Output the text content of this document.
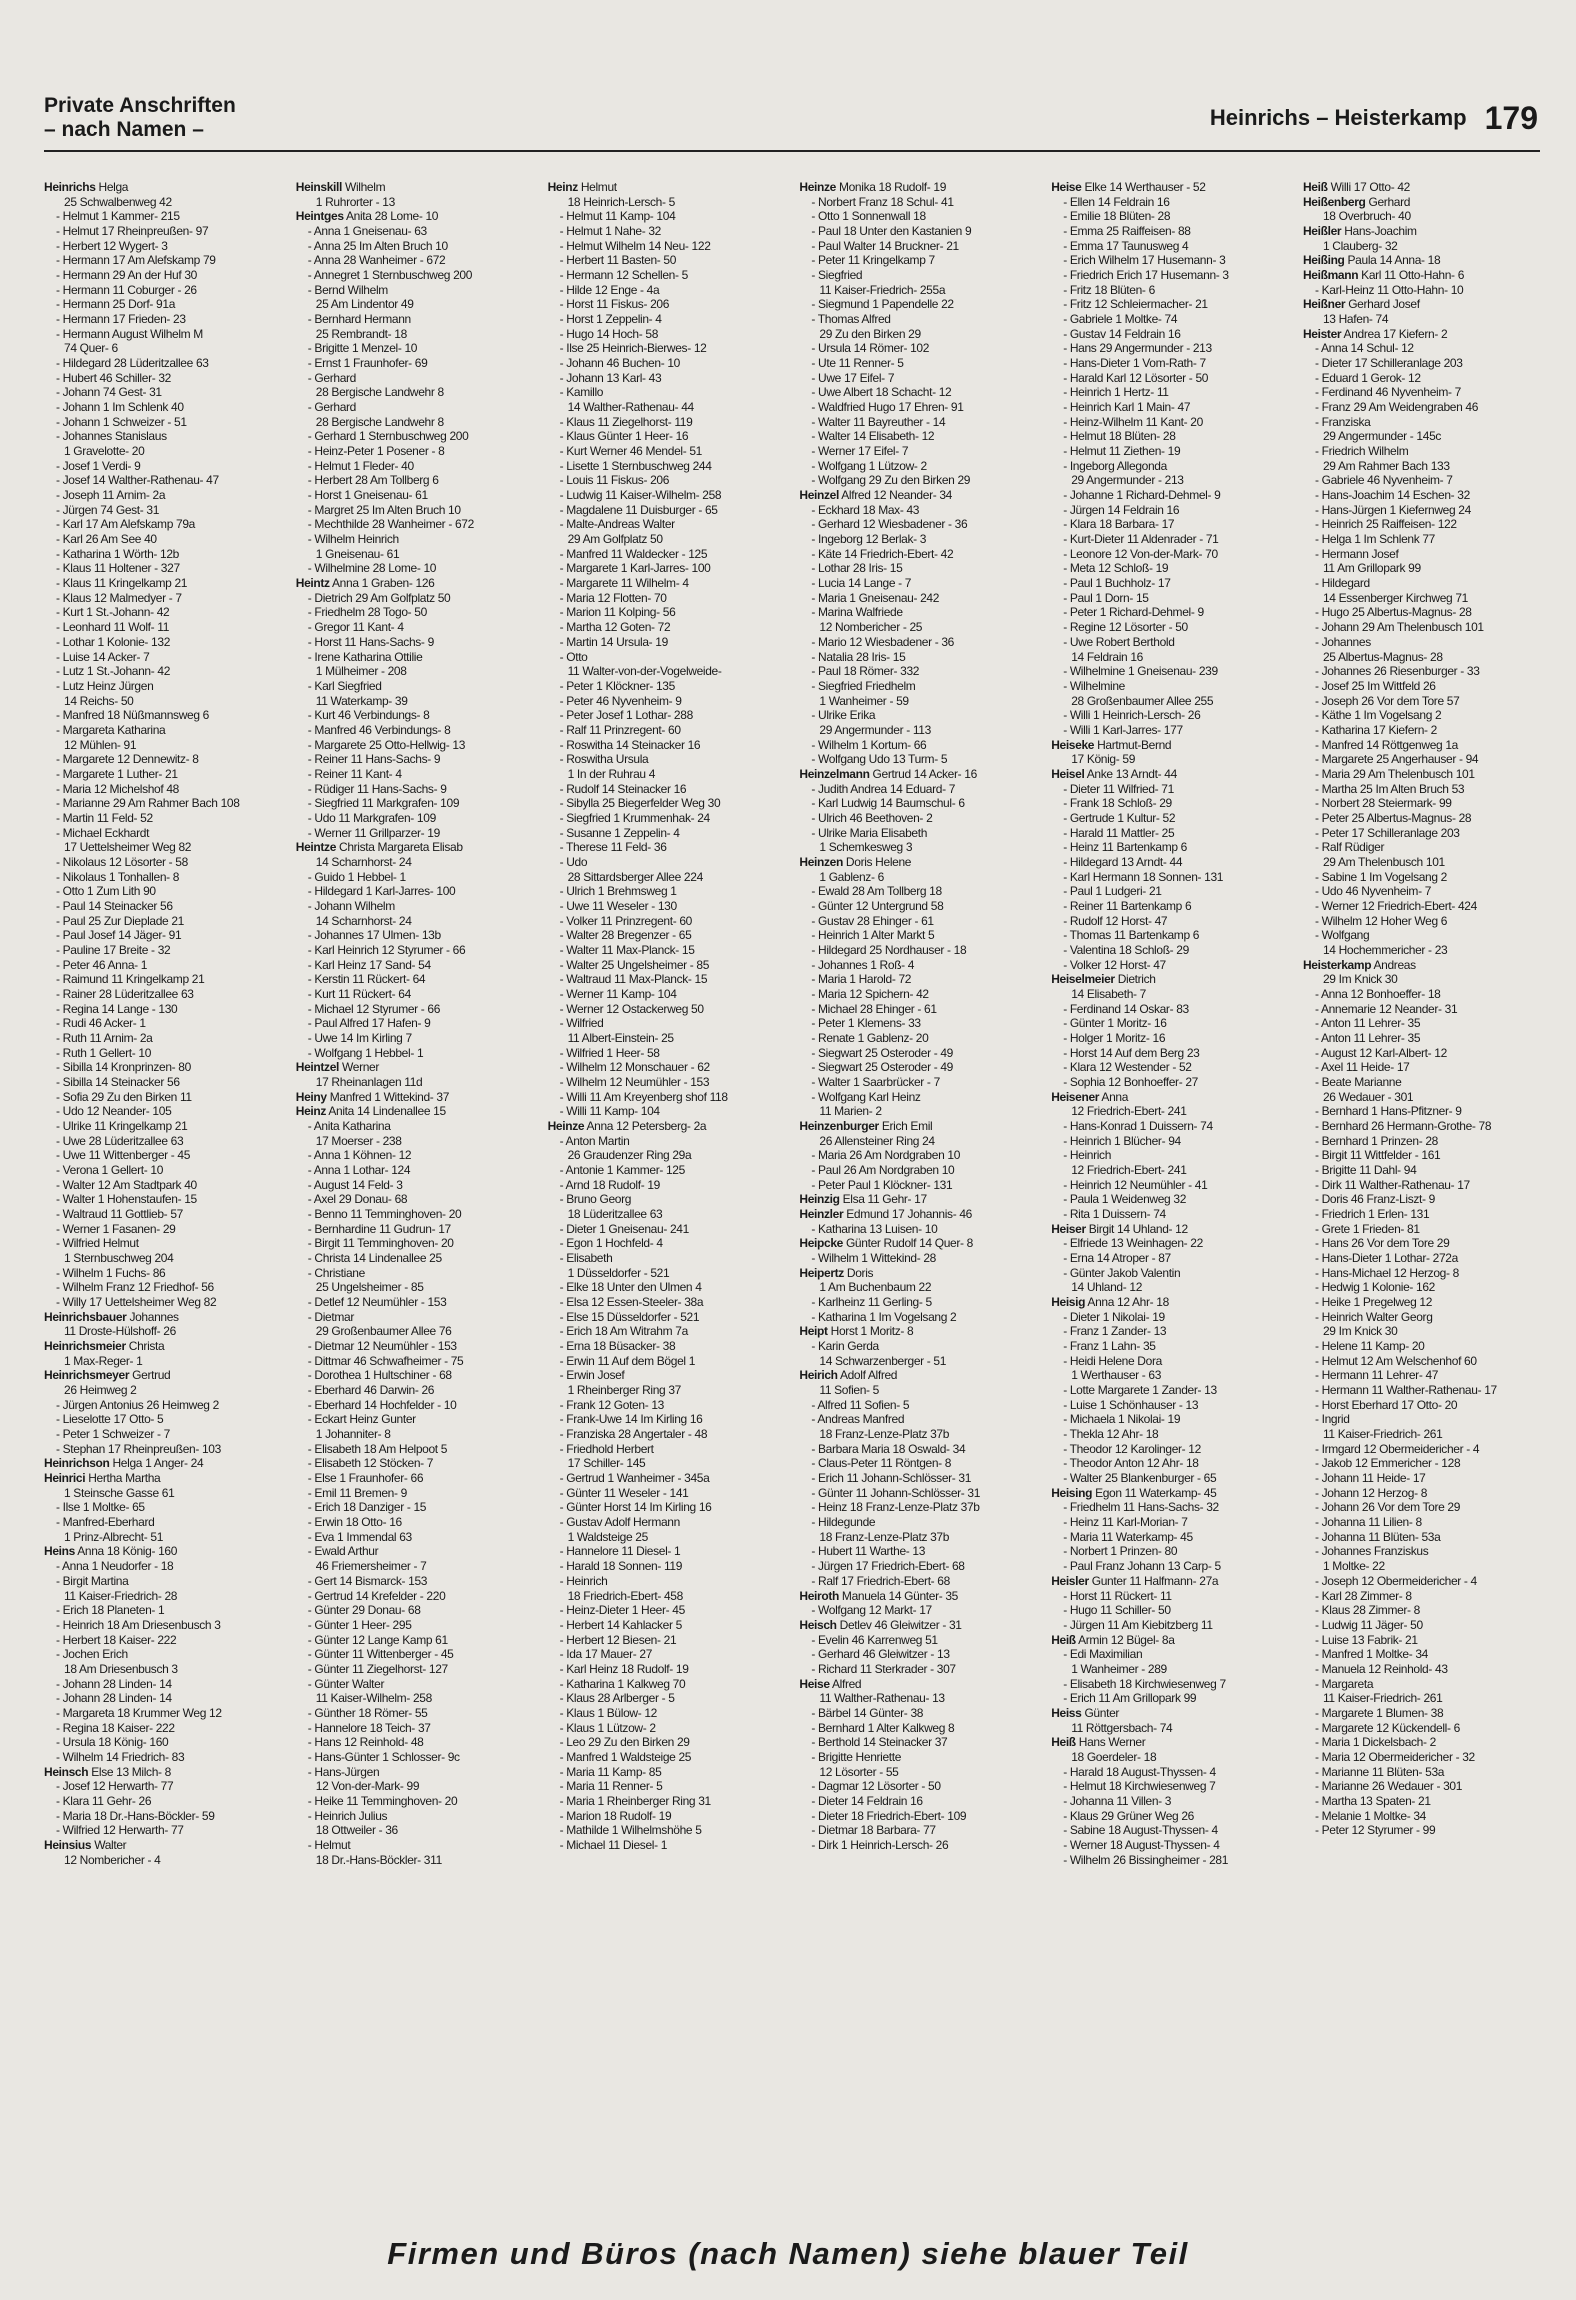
Private Anschriften
– nach Namen –	Heinrichs – Heisterkamp 179
Heinrichs Helga
25 Schwalbenweg 42
- Helmut 1 Kammer- 215
- Helmut 17 Rheinpreußen- 97
- Herbert 12 Wygert- 3
- Hermann 17 Am Alefskamp 79
- Hermann 29 An der Huf 30
- Hermann 11 Coburger - 26
- Hermann 25 Dorf- 91a
- Hermann 17 Frieden- 23
- Hermann August Wilhelm M
74 Quer- 6
- Hildegard 28 Lüderitzallee 63
- Hubert 46 Schiller- 32
- Johann 74 Gest- 31
- Johann 1 Im Schlenk 40
- Johann 1 Schweizer - 51
- Johannes Stanislaus
1 Gravelotte- 20
- Josef 1 Verdi- 9
- Josef 14 Walther-Rathenau- 47
- Joseph 11 Arnim- 2a
- Jürgen 74 Gest- 31
- Karl 17 Am Alefskamp 79a
- Karl 26 Am See 40
- Katharina 1 Wörth- 12b
- Klaus 11 Holtener - 327
- Klaus 11 Kringelkamp 21
- Klaus 12 Malmedyer - 7
- Kurt 1 St.-Johann- 42
- Leonhard 11 Wolf- 11
- Lothar 1 Kolonie- 132
- Luise 14 Acker- 7
- Lutz 1 St.-Johann- 42
- Lutz Heinz Jürgen
14 Reichs- 50
- Manfred 18 Nüßmannsweg 6
- Margareta Katharina
12 Mühlen- 91
- Margarete 12 Dennewitz- 8
- Margarete 1 Luther- 21
- Maria 12 Michelshof 48
- Marianne 29 Am Rahmer Bach 108
- Martin 11 Feld- 52
- Michael Eckhardt
17 Uettelsheimer Weg 82
- Nikolaus 12 Lösorter - 58
- Nikolaus 1 Tonhallen- 8
- Otto 1 Zum Lith 90
- Paul 14 Steinacker 56
- Paul 25 Zur Dieplade 21
- Paul Josef 14 Jäger- 91
- Pauline 17 Breite - 32
- Peter 46 Anna- 1
- Raimund 11 Kringelkamp 21
- Rainer 28 Lüderitzallee 63
- Regina 14 Lange - 130
- Rudi 46 Acker- 1
- Ruth 11 Arnim- 2a
- Ruth 1 Gellert- 10
- Sibilla 14 Kronprinzen- 80
- Sibilla 14 Steinacker 56
- Sofia 29 Zu den Birken 11
- Udo 12 Neander- 105
- Ulrike 11 Kringelkamp 21
- Uwe 28 Lüderitzallee 63
- Uwe 11 Wittenberger - 45
- Verona 1 Gellert- 10
- Walter 12 Am Stadtpark 40
- Walter 1 Hohenstaufen- 15
- Waltraud 11 Gottlieb- 57
- Werner 1 Fasanen- 29
- Wilfried Helmut
1 Sternbuschweg 204
- Wilhelm 1 Fuchs- 86
- Wilhelm Franz 12 Friedhof- 56
- Willy 17 Uettelsheimer Weg 82
Heinrichsbauer Johannes
11 Droste-Hülshoff- 26
Heinrichsmeier Christa
1 Max-Reger- 1
Heinrichsmeyer Gertrud
26 Heimweg 2
- Jürgen Antonius 26 Heimweg 2
- Lieselotte 17 Otto- 5
- Peter 1 Schweizer - 7
- Stephan 17 Rheinpreußen- 103
Heinrichson Helga 1 Anger- 24
Heinrici Hertha Martha
1 Steinsche Gasse 61
- Ilse 1 Moltke- 65
- Manfred-Eberhard
1 Prinz-Albrecht- 51
Heins Anna 18 König- 160
- Anna 1 Neudorfer - 18
- Birgit Martina
11 Kaiser-Friedrich- 28
- Erich 18 Planeten- 1
- Heinrich 18 Am Driesenbusch 3
- Herbert 18 Kaiser- 222
- Jochen Erich
18 Am Driesenbusch 3
- Johann 28 Linden- 14
- Johann 28 Linden- 14
- Margareta 18 Krummer Weg 12
- Regina 18 Kaiser- 222
- Ursula 18 König- 160
- Wilhelm 14 Friedrich- 83
Heinsch Else 13 Milch- 8
- Josef 12 Herwarth- 77
- Klara 11 Gehr- 26
- Maria 18 Dr.-Hans-Böckler- 59
- Wilfried 12 Herwarth- 77
Heinsius Walter
12 Nombericher - 4
Heinskill Wilhelm
1 Ruhrorter - 13
Heintges Anita 28 Lome- 10
- Anna 1 Gneisenau- 63
- Anna 25 Im Alten Bruch 10
- Anna 28 Wanheimer - 672
- Annegret 1 Sternbuschweg 200
- Bernd Wilhelm
25 Am Lindentor 49
- Bernhard Hermann
25 Rembrandt- 18
- Brigitte 1 Menzel- 10
- Ernst 1 Fraunhofer- 69
- Gerhard
28 Bergische Landwehr 8
- Gerhard
28 Bergische Landwehr 8
- Gerhard 1 Sternbuschweg 200
- Heinz-Peter 1 Posener - 8
- Helmut 1 Fleder- 40
- Herbert 28 Am Tollberg 6
- Horst 1 Gneisenau- 61
- Margret 25 Im Alten Bruch 10
- Mechthilde 28 Wanheimer - 672
- Wilhelm Heinrich
1 Gneisenau- 61
- Wilhelmine 28 Lome- 10
Heintz Anna 1 Graben- 126
- Dietrich 29 Am Golfplatz 50
- Friedhelm 28 Togo- 50
- Gregor 11 Kant- 4
- Horst 11 Hans-Sachs- 9
- Irene Katharina Ottilie
1 Mülheimer - 208
- Karl Siegfried
11 Waterkamp- 39
- Kurt 46 Verbindungs- 8
- Manfred 46 Verbindungs- 8
- Margarete 25 Otto-Hellwig- 13
- Reiner 11 Hans-Sachs- 9
- Reiner 11 Kant- 4
- Rüdiger 11 Hans-Sachs- 9
- Siegfried 11 Markgrafen- 109
- Udo 11 Markgrafen- 109
- Werner 11 Grillparzer- 19
Heintze Christa Margareta Elisab
14 Scharnhorst- 24
- Guido 1 Hebbel- 1
- Hildegard 1 Karl-Jarres- 100
- Johann Wilhelm
14 Scharnhorst- 24
- Johannes 17 Ulmen- 13b
- Karl Heinrich 12 Styrumer - 66
- Karl Heinz 17 Sand- 54
- Kerstin 11 Rückert- 64
- Kurt 11 Rückert- 64
- Michael 12 Styrumer - 66
- Paul Alfred 17 Hafen- 9
- Uwe 14 Im Kirling 7
- Wolfgang 1 Hebbel- 1
Heintzel Werner
17 Rheinanlagen 11d
Heiny Manfred 1 Wittekind- 37
Heinz Anita 14 Lindenallee 15
- Anita Katharina
17 Moerser - 238
- Anna 1 Köhnen- 12
- Anna 1 Lothar- 124
- August 14 Feld- 3
- Axel 29 Donau- 68
- Benno 11 Temminghoven- 20
- Bernhardine 11 Gudrun- 17
- Birgit 11 Temminghoven- 20
- Christa 14 Lindenallee 25
- Christiane
25 Ungelsheimer - 85
- Detlef 12 Neumühler - 153
- Dietmar
29 Großenbaumer Allee 76
- Dietmar 12 Neumühler - 153
- Dittmar 46 Schwafheimer - 75
- Dorothea 1 Hultschiner - 68
- Eberhard 46 Darwin- 26
- Eberhard 14 Hochfelder - 10
- Eckart Heinz Gunter
1 Johanniter- 8
- Elisabeth 18 Am Helpoot 5
- Elisabeth 12 Stöcken- 7
- Else 1 Fraunhofer- 66
- Emil 11 Bremen- 9
- Erich 18 Danziger - 15
- Erwin 18 Otto- 16
- Eva 1 Immendal 63
- Ewald Arthur
46 Friemersheimer - 7
- Gert 14 Bismarck- 153
- Gertrud 14 Krefelder - 220
- Günter 29 Donau- 68
- Günter 1 Heer- 295
- Günter 12 Lange Kamp 61
- Günter 11 Wittenberger - 45
- Günter 11 Ziegelhorst- 127
- Günter Walter
11 Kaiser-Wilhelm- 258
- Günther 18 Römer- 55
- Hannelore 18 Teich- 37
- Hans 12 Reinhold- 48
- Hans-Günter 1 Schlosser- 9c
- Hans-Jürgen
12 Von-der-Mark- 99
- Heike 11 Temminghoven- 20
- Heinrich Julius
18 Ottweiler - 36
- Helmut
18 Dr.-Hans-Böckler- 311
Heinz Helmut
18 Heinrich-Lersch- 5
- Helmut 11 Kamp- 104
- Helmut 1 Nahe- 32
- Helmut Wilhelm 14 Neu- 122
- Herbert 11 Basten- 50
- Hermann 12 Schellen- 5
- Hilde 12 Enge - 4a
- Horst 11 Fiskus- 206
- Horst 1 Zeppelin- 4
- Hugo 14 Hoch- 58
- Ilse 25 Heinrich-Bierwes- 12
- Johann 46 Buchen- 10
- Johann 13 Karl- 43
- Kamillo
14 Walther-Rathenau- 44
- Klaus 11 Ziegelhorst- 119
- Klaus Günter 1 Heer- 16
- Kurt Werner 46 Mendel- 51
- Lisette 1 Sternbuschweg 244
- Louis 11 Fiskus- 206
- Ludwig 11 Kaiser-Wilhelm- 258
- Magdalene 11 Duisburger - 65
- Malte-Andreas Walter
29 Am Golfplatz 50
- Manfred 11 Waldecker - 125
- Margarete 1 Karl-Jarres- 100
- Margarete 11 Wilhelm- 4
- Maria 12 Flotten- 70
- Marion 11 Kolping- 56
- Martha 12 Goten- 72
- Martin 14 Ursula- 19
- Otto
11 Walter-von-der-Vogelweide-
- Peter 1 Klöckner- 135
- Peter 46 Nyvenheim- 9
- Peter Josef 1 Lothar- 288
- Ralf 11 Prinzregent- 60
- Roswitha 14 Steinacker 16
- Roswitha Ursula
1 In der Ruhrau 4
- Rudolf 14 Steinacker 16
- Sibylla 25 Biegerfelder Weg 30
- Siegfried 1 Krummenhak- 24
- Susanne 1 Zeppelin- 4
- Therese 11 Feld- 36
- Udo
28 Sittardsberger Allee 224
- Ulrich 1 Brehmsweg 1
- Uwe 11 Weseler - 130
- Volker 11 Prinzregent- 60
- Walter 28 Bregenzer - 65
- Walter 11 Max-Planck- 15
- Walter 25 Ungelsheimer - 85
- Waltraud 11 Max-Planck- 15
- Werner 11 Kamp- 104
- Werner 12 Ostackerweg 50
- Wilfried
11 Albert-Einstein- 25
- Wilfried 1 Heer- 58
- Wilhelm 12 Monschauer - 62
- Wilhelm 12 Neumühler - 153
- Willi 11 Am Kreyenberg shof 118
- Willi 11 Kamp- 104
Heinze Anna 12 Petersberg- 2a
- Anton Martin
26 Graudenzer Ring 29a
- Antonie 1 Kammer- 125
- Arnd 18 Rudolf- 19
- Bruno Georg
18 Lüderitzallee 63
- Dieter 1 Gneisenau- 241
- Egon 1 Hochfeld- 4
- Elisabeth
1 Düsseldorfer - 521
- Elke 18 Unter den Ulmen 4
- Elsa 12 Essen-Steeler- 38a
- Else 15 Düsseldorfer - 521
- Erich 18 Am Witrahm 7a
- Erna 18 Büsacker- 38
- Erwin 11 Auf dem Bögel 1
- Erwin Josef
1 Rheinberger Ring 37
- Frank 12 Goten- 13
- Frank-Uwe 14 Im Kirling 16
- Franziska 28 Angertaler - 48
- Friedhold Herbert
17 Schiller- 145
- Gertrud 1 Wanheimer - 345a
- Günter 11 Weseler - 141
- Günter Horst 14 Im Kirling 16
- Gustav Adolf Hermann
1 Waldsteige 25
- Hannelore 11 Diesel- 1
- Harald 18 Sonnen- 119
- Heinrich
18 Friedrich-Ebert- 458
- Heinz-Dieter 1 Heer- 45
- Herbert 14 Kahlacker 5
- Herbert 12 Biesen- 21
- Ida 17 Mauer- 27
- Karl Heinz 18 Rudolf- 19
- Katharina 1 Kalkweg 70
- Klaus 28 Arlberger - 5
- Klaus 1 Bülow- 12
- Klaus 1 Lützow- 2
- Leo 29 Zu den Birken 29
- Manfred 1 Waldsteige 25
- Maria 11 Kamp- 85
- Maria 11 Renner- 5
- Maria 1 Rheinberger Ring 31
- Marion 18 Rudolf- 19
- Mathilde 1 Wilhelmshöhe 5
- Michael 11 Diesel- 1
Heinze Monika 18 Rudolf- 19
- Norbert Franz 18 Schul- 41
- Otto 1 Sonnenwall 18
- Paul 18 Unter den Kastanien 9
- Paul Walter 14 Bruckner- 21
- Peter 11 Kringelkamp 7
- Siegfried
11 Kaiser-Friedrich- 255a
- Siegmund 1 Papendelle 22
- Thomas Alfred
29 Zu den Birken 29
- Ursula 14 Römer- 102
- Ute 11 Renner- 5
- Uwe 17 Eifel- 7
- Uwe Albert 18 Schacht- 12
- Waldfried Hugo 17 Ehren- 91
- Walter 11 Bayreuther - 14
- Walter 14 Elisabeth- 12
- Werner 17 Eifel- 7
- Wolfgang 1 Lützow- 2
- Wolfgang 29 Zu den Birken 29
Heinzel Alfred 12 Neander- 34
- Eckhard 18 Max- 43
- Gerhard 12 Wiesbadener - 36
- Ingeborg 12 Berlak- 3
- Käte 14 Friedrich-Ebert- 42
- Lothar 28 Iris- 15
- Lucia 14 Lange - 7
- Maria 1 Gneisenau- 242
- Marina Walfriede
12 Nombericher - 25
- Mario 12 Wiesbadener - 36
- Natalia 28 Iris- 15
- Paul 18 Römer- 332
- Siegfried Friedhelm
1 Wanheimer - 59
- Ulrike Erika
29 Angermunder - 113
- Wilhelm 1 Kortum- 66
- Wolfgang Udo 13 Turm- 5
Heinzelmann Gertrud 14 Acker- 16
- Judith Andrea 14 Eduard- 7
- Karl Ludwig 14 Baumschul- 6
- Ulrich 46 Beethoven- 2
- Ulrike Maria Elisabeth
1 Schemkesweg 3
Heinzen Doris Helene
1 Gablenz- 6
- Ewald 28 Am Tollberg 18
- Günter 12 Untergrund 58
- Gustav 28 Ehinger - 61
- Heinrich 1 Alter Markt 5
- Hildegard 25 Nordhauser - 18
- Johannes 1 Roß- 4
- Maria 1 Harold- 72
- Maria 12 Spichern- 42
- Michael 28 Ehinger - 61
- Peter 1 Klemens- 33
- Renate 1 Gablenz- 20
- Siegwart 25 Osteroder - 49
- Siegwart 25 Osteroder - 49
- Walter 1 Saarbrücker - 7
- Wolfgang Karl Heinz
11 Marien- 2
Heinzenburger Erich Emil
26 Allensteiner Ring 24
- Maria 26 Am Nordgraben 10
- Paul 26 Am Nordgraben 10
- Peter Paul 1 Klöckner- 131
Heinzig Elsa 11 Gehr- 17
Heinzler Edmund 17 Johannis- 46
- Katharina 13 Luisen- 10
Heipcke Günter Rudolf 14 Quer- 8
- Wilhelm 1 Wittekind- 28
Heipertz Doris
1 Am Buchenbaum 22
- Karlheinz 11 Gerling- 5
- Katharina 1 Im Vogelsang 2
Heipt Horst 1 Moritz- 8
- Karin Gerda
14 Schwarzenberger - 51
Heirich Adolf Alfred
11 Sofien- 5
- Alfred 11 Sofien- 5
- Andreas Manfred
18 Franz-Lenze-Platz 37b
- Barbara Maria 18 Oswald- 34
- Claus-Peter 11 Röntgen- 8
- Erich 11 Johann-Schlösser- 31
- Günter 11 Johann-Schlösser- 31
- Heinz 18 Franz-Lenze-Platz 37b
- Hildegunde
18 Franz-Lenze-Platz 37b
- Hubert 11 Warthe- 13
- Jürgen 17 Friedrich-Ebert- 68
- Ralf 17 Friedrich-Ebert- 68
Heiroth Manuela 14 Günter- 35
- Wolfgang 12 Markt- 17
Heisch Detlev 46 Gleiwitzer - 31
- Evelin 46 Karrenweg 51
- Gerhard 46 Gleiwitzer - 13
- Richard 11 Sterkrader - 307
Heise Alfred
11 Walther-Rathenau- 13
- Bärbel 14 Günter- 38
- Bernhard 1 Alter Kalkweg 8
- Berthold 14 Steinacker 37
- Brigitte Henriette
12 Lösorter - 55
- Dagmar 12 Lösorter - 50
- Dieter 14 Feldrain 16
- Dieter 18 Friedrich-Ebert- 109
- Dietmar 18 Barbara- 77
- Dirk 1 Heinrich-Lersch- 26
Heise Elke 14 Werthauser - 52
- Ellen 14 Feldrain 16
- Emilie 18 Blüten- 28
- Emma 25 Raiffeisen- 88
- Emma 17 Taunusweg 4
- Erich Wilhelm 17 Husemann- 3
- Friedrich Erich 17 Husemann- 3
- Fritz 18 Blüten- 6
- Fritz 12 Schleiermacher- 21
- Gabriele 1 Moltke- 74
- Gustav 14 Feldrain 16
- Hans 29 Angermunder - 213
- Hans-Dieter 1 Vom-Rath- 7
- Harald Karl 12 Lösorter - 50
- Heinrich 1 Hertz- 11
- Heinrich Karl 1 Main- 47
- Heinz-Wilhelm 11 Kant- 20
- Helmut 18 Blüten- 28
- Helmut 11 Ziethen- 19
- Ingeborg Allegonda
29 Angermunder - 213
- Johanne 1 Richard-Dehmel- 9
- Jürgen 14 Feldrain 16
- Klara 18 Barbara- 17
- Kurt-Dieter 11 Aldenrader - 71
- Leonore 12 Von-der-Mark- 70
- Meta 12 Schloß- 19
- Paul 1 Buchholz- 17
- Paul 1 Dorn- 15
- Peter 1 Richard-Dehmel- 9
- Regine 12 Lösorter - 50
- Uwe Robert Berthold
14 Feldrain 16
- Wilhelmine 1 Gneisenau- 239
- Wilhelmine
28 Großenbaumer Allee 255
- Willi 1 Heinrich-Lersch- 26
- Willi 1 Karl-Jarres- 177
Heiseke Hartmut-Bernd
17 König- 59
Heisel Anke 13 Arndt- 44
- Dieter 11 Wilfried- 71
- Frank 18 Schloß- 29
- Gertrude 1 Kultur- 52
- Harald 11 Mattler- 25
- Heinz 11 Bartenkamp 6
- Hildegard 13 Arndt- 44
- Karl Hermann 18 Sonnen- 131
- Paul 1 Ludgeri- 21
- Reiner 11 Bartenkamp 6
- Rudolf 12 Horst- 47
- Thomas 11 Bartenkamp 6
- Valentina 18 Schloß- 29
- Volker 12 Horst- 47
Heiselmeier Dietrich
14 Elisabeth- 7
- Ferdinand 14 Oskar- 83
- Günter 1 Moritz- 16
- Holger 1 Moritz- 16
- Horst 14 Auf dem Berg 23
- Klara 12 Westender - 52
- Sophia 12 Bonhoeffer- 27
Heisener Anna
12 Friedrich-Ebert- 241
- Hans-Konrad 1 Duissern- 74
- Heinrich 1 Blücher- 94
- Heinrich
12 Friedrich-Ebert- 241
- Heinrich 12 Neumühler - 41
- Paula 1 Weidenweg 32
- Rita 1 Duissern- 74
Heiser Birgit 14 Uhland- 12
- Elfriede 13 Weinhagen- 22
- Erna 14 Atroper - 87
- Günter Jakob Valentin
14 Uhland- 12
Heisig Anna 12 Ahr- 18
- Dieter 1 Nikolai- 19
- Franz 1 Zander- 13
- Franz 1 Lahn- 35
- Heidi Helene Dora
1 Werthauser - 63
- Lotte Margarete 1 Zander- 13
- Luise 1 Schönhauser - 13
- Michaela 1 Nikolai- 19
- Thekla 12 Ahr- 18
- Theodor 12 Karolinger- 12
- Theodor Anton 12 Ahr- 18
- Walter 25 Blankenburger - 65
Heising Egon 11 Waterkamp- 45
- Friedhelm 11 Hans-Sachs- 32
- Heinz 11 Karl-Morian- 7
- Maria 11 Waterkamp- 45
- Norbert 1 Prinzen- 80
- Paul Franz Johann 13 Carp- 5
Heisler Gunter 11 Halfmann- 27a
- Horst 11 Rückert- 11
- Hugo 11 Schiller- 50
- Jürgen 11 Am Kiebitzberg 11
Heiß Armin 12 Bügel- 8a
- Edi Maximilian
1 Wanheimer - 289
- Elisabeth 18 Kirchwiesenweg 7
- Erich 11 Am Grillopark 99
Heiss Günter
11 Röttgersbach- 74
Heiß Hans Werner
18 Goerdeler- 18
- Harald 18 August-Thyssen- 4
- Helmut 18 Kirchwiesenweg 7
- Johanna 11 Villen- 3
- Klaus 29 Grüner Weg 26
- Sabine 18 August-Thyssen- 4
- Werner 18 August-Thyssen- 4
- Wilhelm 26 Bissingheimer - 281
Heiß Willi 17 Otto- 42
Heißenberg Gerhard
18 Overbruch- 40
Heißler Hans-Joachim
1 Clauberg- 32
Heißing Paula 14 Anna- 18
Heißmann Karl 11 Otto-Hahn- 6
- Karl-Heinz 11 Otto-Hahn- 10
Heißner Gerhard Josef
13 Hafen- 74
Heister Andrea 17 Kiefern- 2
- Anna 14 Schul- 12
- Dieter 17 Schilleranlage 203
- Eduard 1 Gerok- 12
- Ferdinand 46 Nyvenheim- 7
- Franz 29 Am Weidengraben 46
- Franziska
29 Angermunder - 145c
- Friedrich Wilhelm
29 Am Rahmer Bach 133
- Gabriele 46 Nyvenheim- 7
- Hans-Joachim 14 Eschen- 32
- Hans-Jürgen 1 Kiefernweg 24
- Heinrich 25 Raiffeisen- 122
- Helga 1 Im Schlenk 77
- Hermann Josef
11 Am Grillopark 99
- Hildegard
14 Essenberger Kirchweg 71
- Hugo 25 Albertus-Magnus- 28
- Johann 29 Am Thelenbusch 101
- Johannes
25 Albertus-Magnus- 28
- Johannes 26 Riesenburger - 33
- Josef 25 Im Wittfeld 26
- Joseph 26 Vor dem Tore 57
- Käthe 1 Im Vogelsang 2
- Katharina 17 Kiefern- 2
- Manfred 14 Röttgenweg 1a
- Margarete 25 Angerhauser - 94
- Maria 29 Am Thelenbusch 101
- Martha 25 Im Alten Bruch 53
- Norbert 28 Steiermark- 99
- Peter 25 Albertus-Magnus- 28
- Peter 17 Schilleranlage 203
- Ralf Rüdiger
29 Am Thelenbusch 101
- Sabine 1 Im Vogelsang 2
- Udo 46 Nyvenheim- 7
- Werner 12 Friedrich-Ebert- 424
- Wilhelm 12 Hoher Weg 6
- Wolfgang
14 Hochemmericher - 23
Heisterkamp Andreas
29 Im Knick 30
- Anna 12 Bonhoeffer- 18
- Annemarie 12 Neander- 31
- Anton 11 Lehrer- 35
- Anton 11 Lehrer- 35
- August 12 Karl-Albert- 12
- Axel 11 Heide- 17
- Beate Marianne
26 Wedauer - 301
- Bernhard 1 Hans-Pfitzner- 9
- Bernhard 26 Hermann-Grothe- 78
- Bernhard 1 Prinzen- 28
- Birgit 11 Wittfelder - 161
- Brigitte 11 Dahl- 94
- Dirk 11 Walther-Rathenau- 17
- Doris 46 Franz-Liszt- 9
- Friedrich 1 Erlen- 131
- Grete 1 Frieden- 81
- Hans 26 Vor dem Tore 29
- Hans-Dieter 1 Lothar- 272a
- Hans-Michael 12 Herzog- 8
- Hedwig 1 Kolonie- 162
- Heike 1 Pregelweg 12
- Heinrich Walter Georg
29 Im Knick 30
- Helene 11 Kamp- 20
- Helmut 12 Am Welschenhof 60
- Hermann 11 Lehrer- 47
- Hermann 11 Walther-Rathenau- 17
- Horst Eberhard 17 Otto- 20
- Ingrid
11 Kaiser-Friedrich- 261
- Irmgard 12 Obermeidericher - 4
- Jakob 12 Emmericher - 128
- Johann 11 Heide- 17
- Johann 12 Herzog- 8
- Johann 26 Vor dem Tore 29
- Johanna 11 Lilien- 8
- Johanna 11 Blüten- 53a
- Johannes Franziskus
1 Moltke- 22
- Joseph 12 Obermeidericher - 4
- Karl 28 Zimmer- 8
- Klaus 28 Zimmer- 8
- Ludwig 11 Jäger- 50
- Luise 13 Fabrik- 21
- Manfred 1 Moltke- 34
- Manuela 12 Reinhold- 43
- Margareta
11 Kaiser-Friedrich- 261
- Margarete 1 Blumen- 38
- Margarete 12 Kückendell- 6
- Maria 1 Dickelsbach- 2
- Maria 12 Obermeidericher - 32
- Marianne 11 Blüten- 53a
- Marianne 26 Wedauer - 301
- Martha 13 Spaten- 21
- Melanie 1 Moltke- 34
- Peter 12 Styrumer - 99
Firmen und Büros (nach Namen) siehe blauer Teil
